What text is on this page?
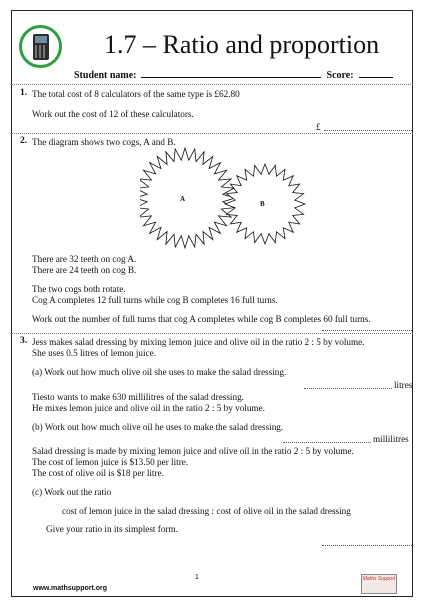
1.7 – Ratio and proportion
Student name:	Score:
1. The total cost of 8 calculators of the same type is £62.80
Work out the cost of 12 of these calculators.
£
2. The diagram shows two cogs, A and B.
A
B
There are 32 teeth on cog A.
There are 24 teeth on cog B.
The two cogs both rotate.
Cog A completes 12 full turns while cog B completes 16 full turns.
Work out the number of full turns that cog A completes while cog B completes 60 full turns.
3. Jess makes salad dressing by mixing lemon juice and olive oil in the ratio 2 : 5 by volume.
She uses 0.5 litres of lemon juice.
(a) Work out how much olive oil she uses to make the salad dressing.
litres
Tiesto wants to make 630 millilitres of the salad dressing.
He mixes lemon juice and olive oil in the ratio 2 : 5 by volume.
(b) Work out how much olive oil he uses to make the salad dressing.
millilitres
Salad dressing is made by mixing lemon juice and olive oil in the ratio 2 : 5 by volume.
The cost of lemon juice is $13.50 per litre.
The cost of olive oil is $18 per litre.
(c) Work out the ratio
cost of lemon juice in the salad dressing : cost of olive oil in the salad dressing
Give your ratio in its simplest form.
1
www.mathsupport.org
Maths Support
